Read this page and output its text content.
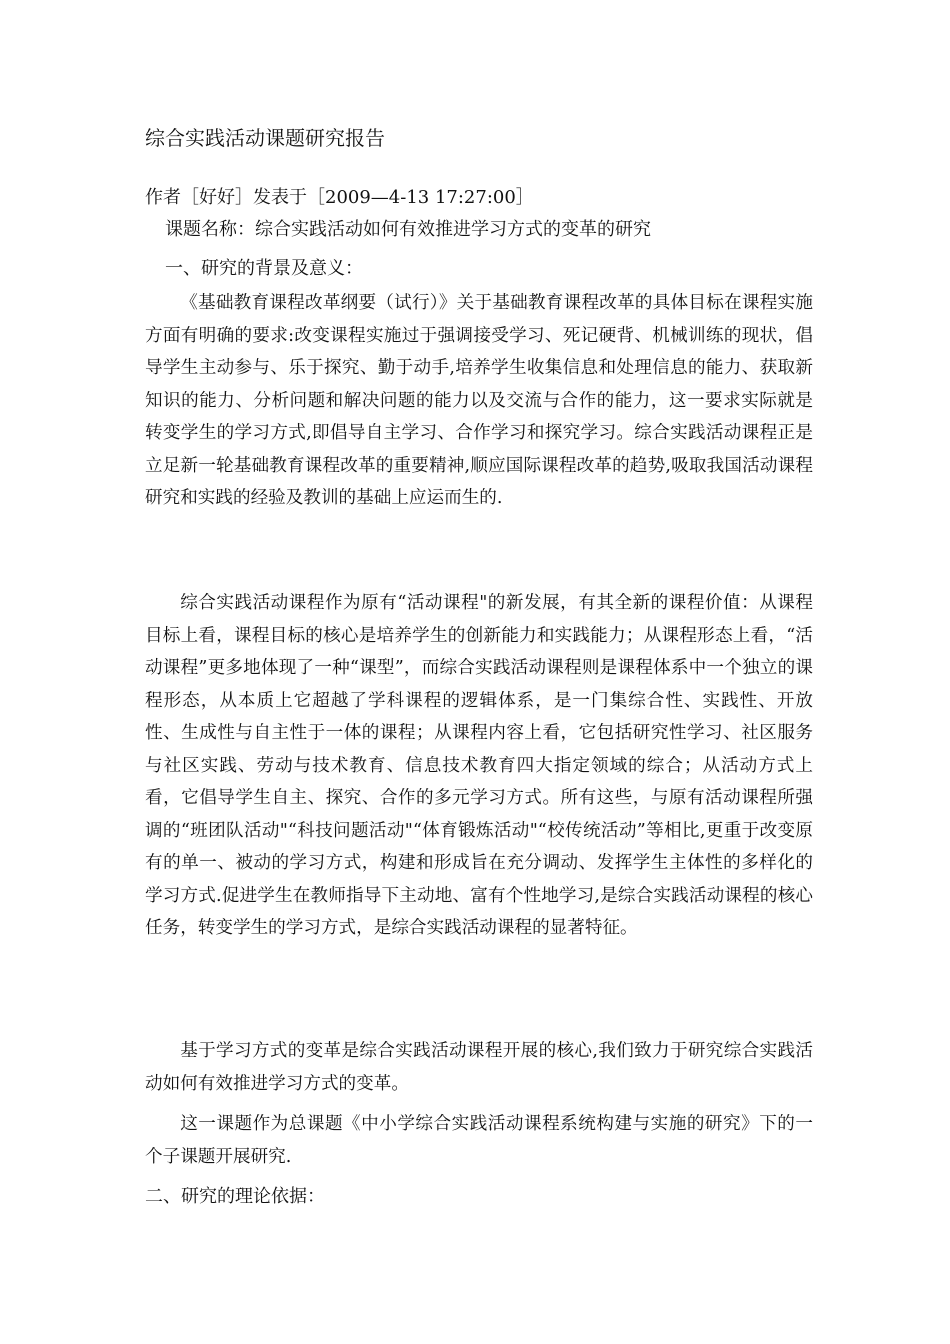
综合实践活动课题研究报告
作者［好好］发表于［2009—4-13 17:27:00］
课题名称：综合实践活动如何有效推进学习方式的变革的研究
一、研究的背景及意义：

《基础教育课程改革纲要（试行）》关于基础教育课程改革的具体目标在课程实施方面有明确的要求:改变课程实施过于强调接受学习、死记硬背、机械训练的现状，倡导学生主动参与、乐于探究、勤于动手,培养学生收集信息和处理信息的能力、获取新知识的能力、分析问题和解决问题的能力以及交流与合作的能力，这一要求实际就是转变学生的学习方式,即倡导自主学习、合作学习和探究学习。综合实践活动课程正是立足新一轮基础教育课程改革的重要精神,顺应国际课程改革的趋势,吸取我国活动课程研究和实践的经验及教训的基础上应运而生的.

综合实践活动课程作为原有“活动课程"的新发展，有其全新的课程价值：从课程目标上看，课程目标的核心是培养学生的创新能力和实践能力；从课程形态上看，“活动课程”更多地体现了一种“课型”，而综合实践活动课程则是课程体系中一个独立的课程形态，从本质上它超越了学科课程的逻辑体系，是一门集综合性、实践性、开放性、生成性与自主性于一体的课程；从课程内容上看，它包括研究性学习、社区服务与社区实践、劳动与技术教育、信息技术教育四大指定领域的综合；从活动方式上看，它倡导学生自主、探究、合作的多元学习方式。所有这些，与原有活动课程所强调的“班团队活动"“科技问题活动"“体育锻炼活动"“校传统活动”等相比,更重于改变原有的单一、被动的学习方式，构建和形成旨在充分调动、发挥学生主体性的多样化的学习方式.促进学生在教师指导下主动地、富有个性地学习,是综合实践活动课程的核心任务，转变学生的学习方式，是综合实践活动课程的显著特征。

基于学习方式的变革是综合实践活动课程开展的核心,我们致力于研究综合实践活动如何有效推进学习方式的变革。

这一课题作为总课题《中小学综合实践活动课程系统构建与实施的研究》下的一个子课题开展研究.

二、研究的理论依据：
